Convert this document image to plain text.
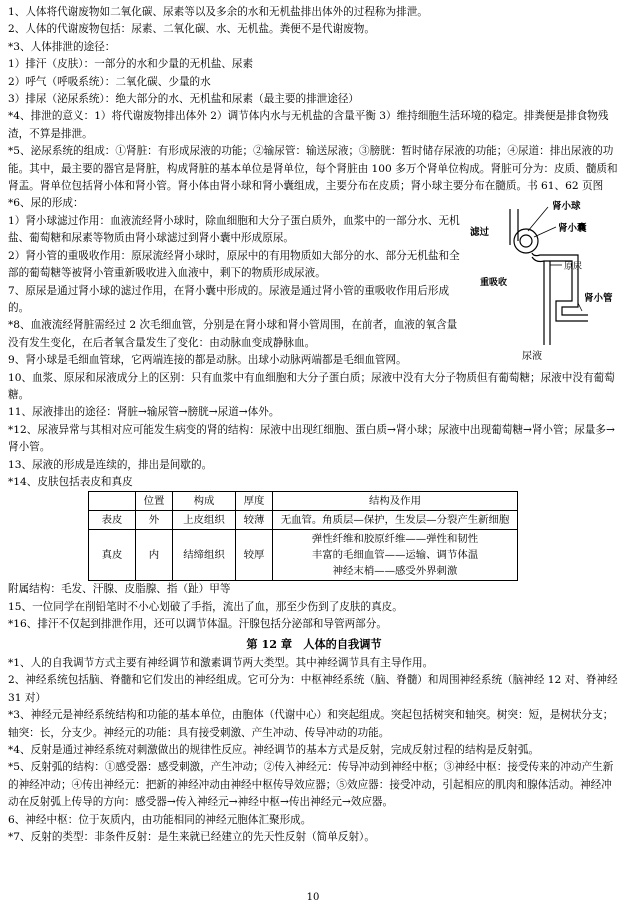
1、人体将代谢废物如二氧化碳、尿素等以及多余的水和无机盐排出体外的过程称为排泄。
2、人体的代谢废物包括：尿素、二氧化碳、水、无机盐。粪便不是代谢废物。
*3、人体排泄的途径：
1）排汗（皮肤）：一部分的水和少量的无机盐、尿素
2）呼气（呼吸系统）：二氧化碳、少量的水
3）排尿（泌尿系统）：绝大部分的水、无机盐和尿素（最主要的排泄途径）
*4、排泄的意义：1）将代谢废物排出体外 2）调节体内水与无机盐的含量平衡 3）维持细胞生活环境的稳定。排粪便是排食物残渣，不算是排泄。
*5、泌尿系统的组成：①肾脏：有形成尿液的功能；②输尿管：输送尿液；③膀胱：暂时储存尿液的功能；④尿道：排出尿液的功能。其中，最主要的器官是肾脏，构成肾脏的基本单位是肾单位，每个肾脏由 100 多万个肾单位构成。肾脏可分为：皮质、髓质和肾盂。肾单位包括肾小体和肾小管。肾小体由肾小球和肾小囊组成，主要分布在皮质；肾小球主要分布在髓质。书 61、62 页图
*6、尿的形成：
1）肾小球滤过作用：血液流经肾小球时，除血细胞和大分子蛋白质外，血浆中的一部分水、无机盐、葡萄糖和尿素等物质由肾小球滤过到肾小囊中形成原尿。
2）肾小管的重吸收作用：原尿流经肾小球时，原尿中的有用物质如大部分的水、部分无机盐和全部的葡萄糖等被肾小管重新吸收进入血液中，剩下的物质形成尿液。
7、原尿是通过肾小球的滤过作用，在肾小囊中形成的。尿液是通过肾小管的重吸收作用后形成的。
*8、血液流经肾脏需经过 2 次毛细血管，分别是在肾小球和肾小管周围，在前者，血液的氧含量没有发生变化，在后者氧含量发生了变化：由动脉血变成静脉血。
9、肾小球是毛细血管球，它两端连接的都是动脉。出球小动脉两端都是毛细血管网。
10、血浆、原尿和尿液成分上的区别：只有血浆中有血细胞和大分子蛋白质；尿液中没有大分子物质但有葡萄糖；尿液中没有葡萄糖。
11、尿液排出的途径：肾脏→输尿管→膀胱→尿道→体外。
*12、尿液异常与其相对应可能发生病变的肾的结构：尿液中出现红细胞、蛋白质→肾小球；尿液中出现葡萄糖→肾小管；尿量多→肾小管。
13、尿液的形成是连续的，排出是间歇的。
*14、皮肤包括表皮和真皮
	位置	构成	厚度	结构及作用
表皮	外	上皮组织	较薄	无血管。角质层—保护，生发层—分裂产生新细胞
真皮	内	结缔组织	较厚	弹性纤维和胶原纤维——弹性和韧性
丰富的毛细血管——运输、调节体温
神经末梢——感受外界刺激
附属结构：毛发、汗腺、皮脂腺、指（趾）甲等
15、一位同学在削铅笔时不小心划破了手指，流出了血，那至少伤到了皮肤的真皮。
*16、排汗不仅起到排泄作用，还可以调节体温。汗腺包括分泌部和导管两部分。
第 12 章　人体的自我调节
*1、人的自我调节方式主要有神经调节和激素调节两大类型。其中神经调节具有主导作用。
2、神经系统包括脑、脊髓和它们发出的神经组成。它可分为：中枢神经系统（脑、脊髓）和周围神经系统（脑神经 12 对、脊神经 31 对）
*3、神经元是神经系统结构和功能的基本单位，由胞体（代谢中心）和突起组成。突起包括树突和轴突。树突：短，是树状分支；轴突：长，分支少。神经元的功能：具有接受刺激、产生冲动、传导冲动的功能。
*4、反射是通过神经系统对刺激做出的规律性反应。神经调节的基本方式是反射，完成反射过程的结构是反射弧。
*5、反射弧的结构：①感受器：感受刺激，产生冲动；②传入神经元：传导冲动到神经中枢；③神经中枢：接受传来的冲动产生新的神经冲动；④传出神经元：把新的神经冲动由神经中枢传导效应器；⑤效应器：接受冲动，引起相应的肌肉和腺体活动。神经冲动在反射弧上传导的方向：感受器→传入神经元→神经中枢→传出神经元→效应器。
6、神经中枢：位于灰质内，由功能相同的神经元胞体汇聚形成。
*7、反射的类型：非条件反射：是生来就已经建立的先天性反射（简单反射）。
肾小球
肾小囊
滤过
原尿
重吸收
肾小管
尿液
10
